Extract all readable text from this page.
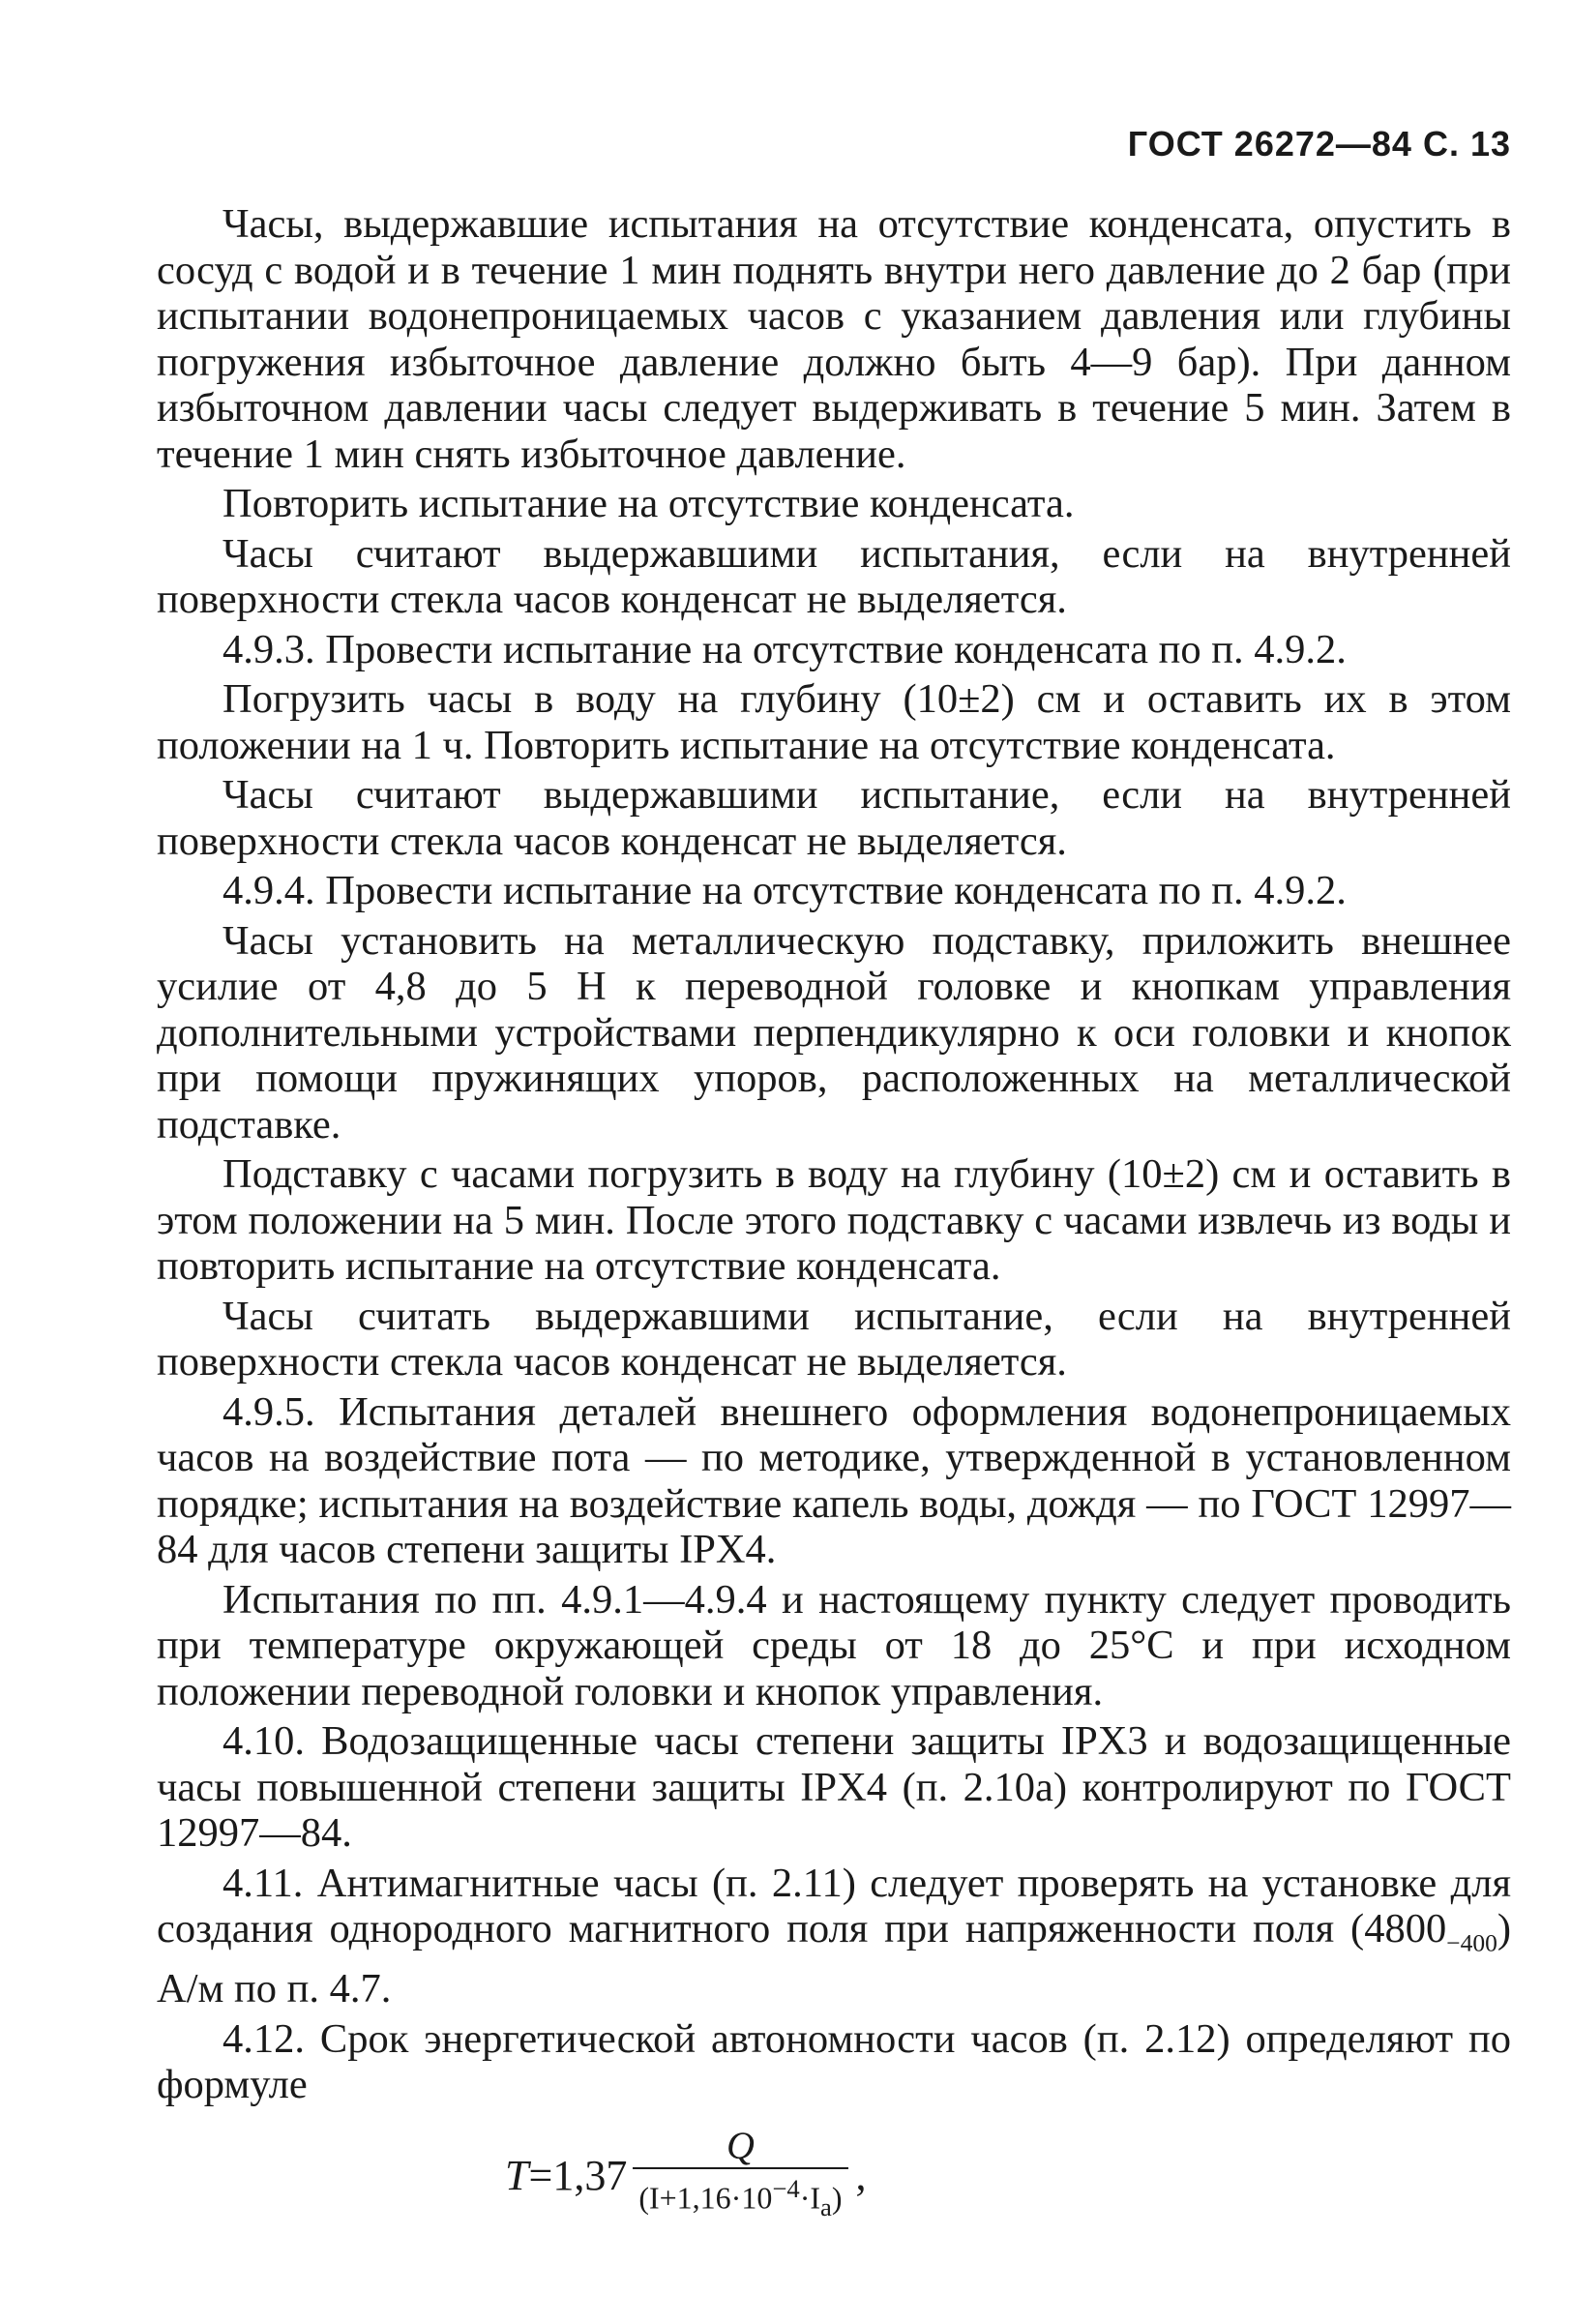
ГОСТ 26272—84 С. 13

Часы, выдержавшие испытания на отсутствие конденсата, опустить в сосуд с водой и в течение 1 мин поднять внутри него давление до 2 бар (при испытании водонепроницаемых часов с указанием давления или глубины погружения избыточное давление должно быть 4—9 бар). При данном избыточном давлении часы следует выдерживать в течение 5 мин. Затем в течение 1 мин снять избыточное давление.

Повторить испытание на отсутствие конденсата.

Часы считают выдержавшими испытания, если на внутренней поверхности стекла часов конденсат не выделяется.

4.9.3. Провести испытание на отсутствие конденсата по п. 4.9.2.

Погрузить часы в воду на глубину (10±2) см и оставить их в этом положении на 1 ч. Повторить испытание на отсутствие конденсата.

Часы считают выдержавшими испытание, если на внутренней поверхности стекла часов конденсат не выделяется.

4.9.4. Провести испытание на отсутствие конденсата по п. 4.9.2.

Часы установить на металлическую подставку, приложить внешнее усилие от 4,8 до 5 Н к переводной головке и кнопкам управления дополнительными устройствами перпендикулярно к оси головки и кнопок при помощи пружинящих упоров, расположенных на металлической подставке.

Подставку с часами погрузить в воду на глубину (10±2) см и оставить в этом положении на 5 мин. После этого подставку с часами извлечь из воды и повторить испытание на отсутствие конденсата.

Часы считать выдержавшими испытание, если на внутренней поверхности стекла часов конденсат не выделяется.

4.9.5. Испытания деталей внешнего оформления водонепроницаемых часов на воздействие пота — по методике, утвержденной в установленном порядке; испытания на воздействие капель воды, дождя — по ГОСТ 12997—84 для часов степени защиты IPX4.

Испытания по пп. 4.9.1—4.9.4 и настоящему пункту следует проводить при температуре окружающей среды от 18 до 25°С и при исходном положении переводной головки и кнопок управления.

4.10. Водозащищенные часы степени защиты IPX3 и водозащищенные часы повышенной степени защиты IPX4 (п. 2.10а) контролируют по ГОСТ 12997—84.

4.11. Антимагнитные часы (п. 2.11) следует проверять на установке для создания однородного магнитного поля при напряженности поля $(4800_{-400})$ А/м по п. 4.7.

4.12. Срок энергетической автономности часов (п. 2.12) определяют по формуле

$T = 1,37 \frac{Q}{(I+1,16\cdot 10^{-4}\cdot I_a)}$ ,
